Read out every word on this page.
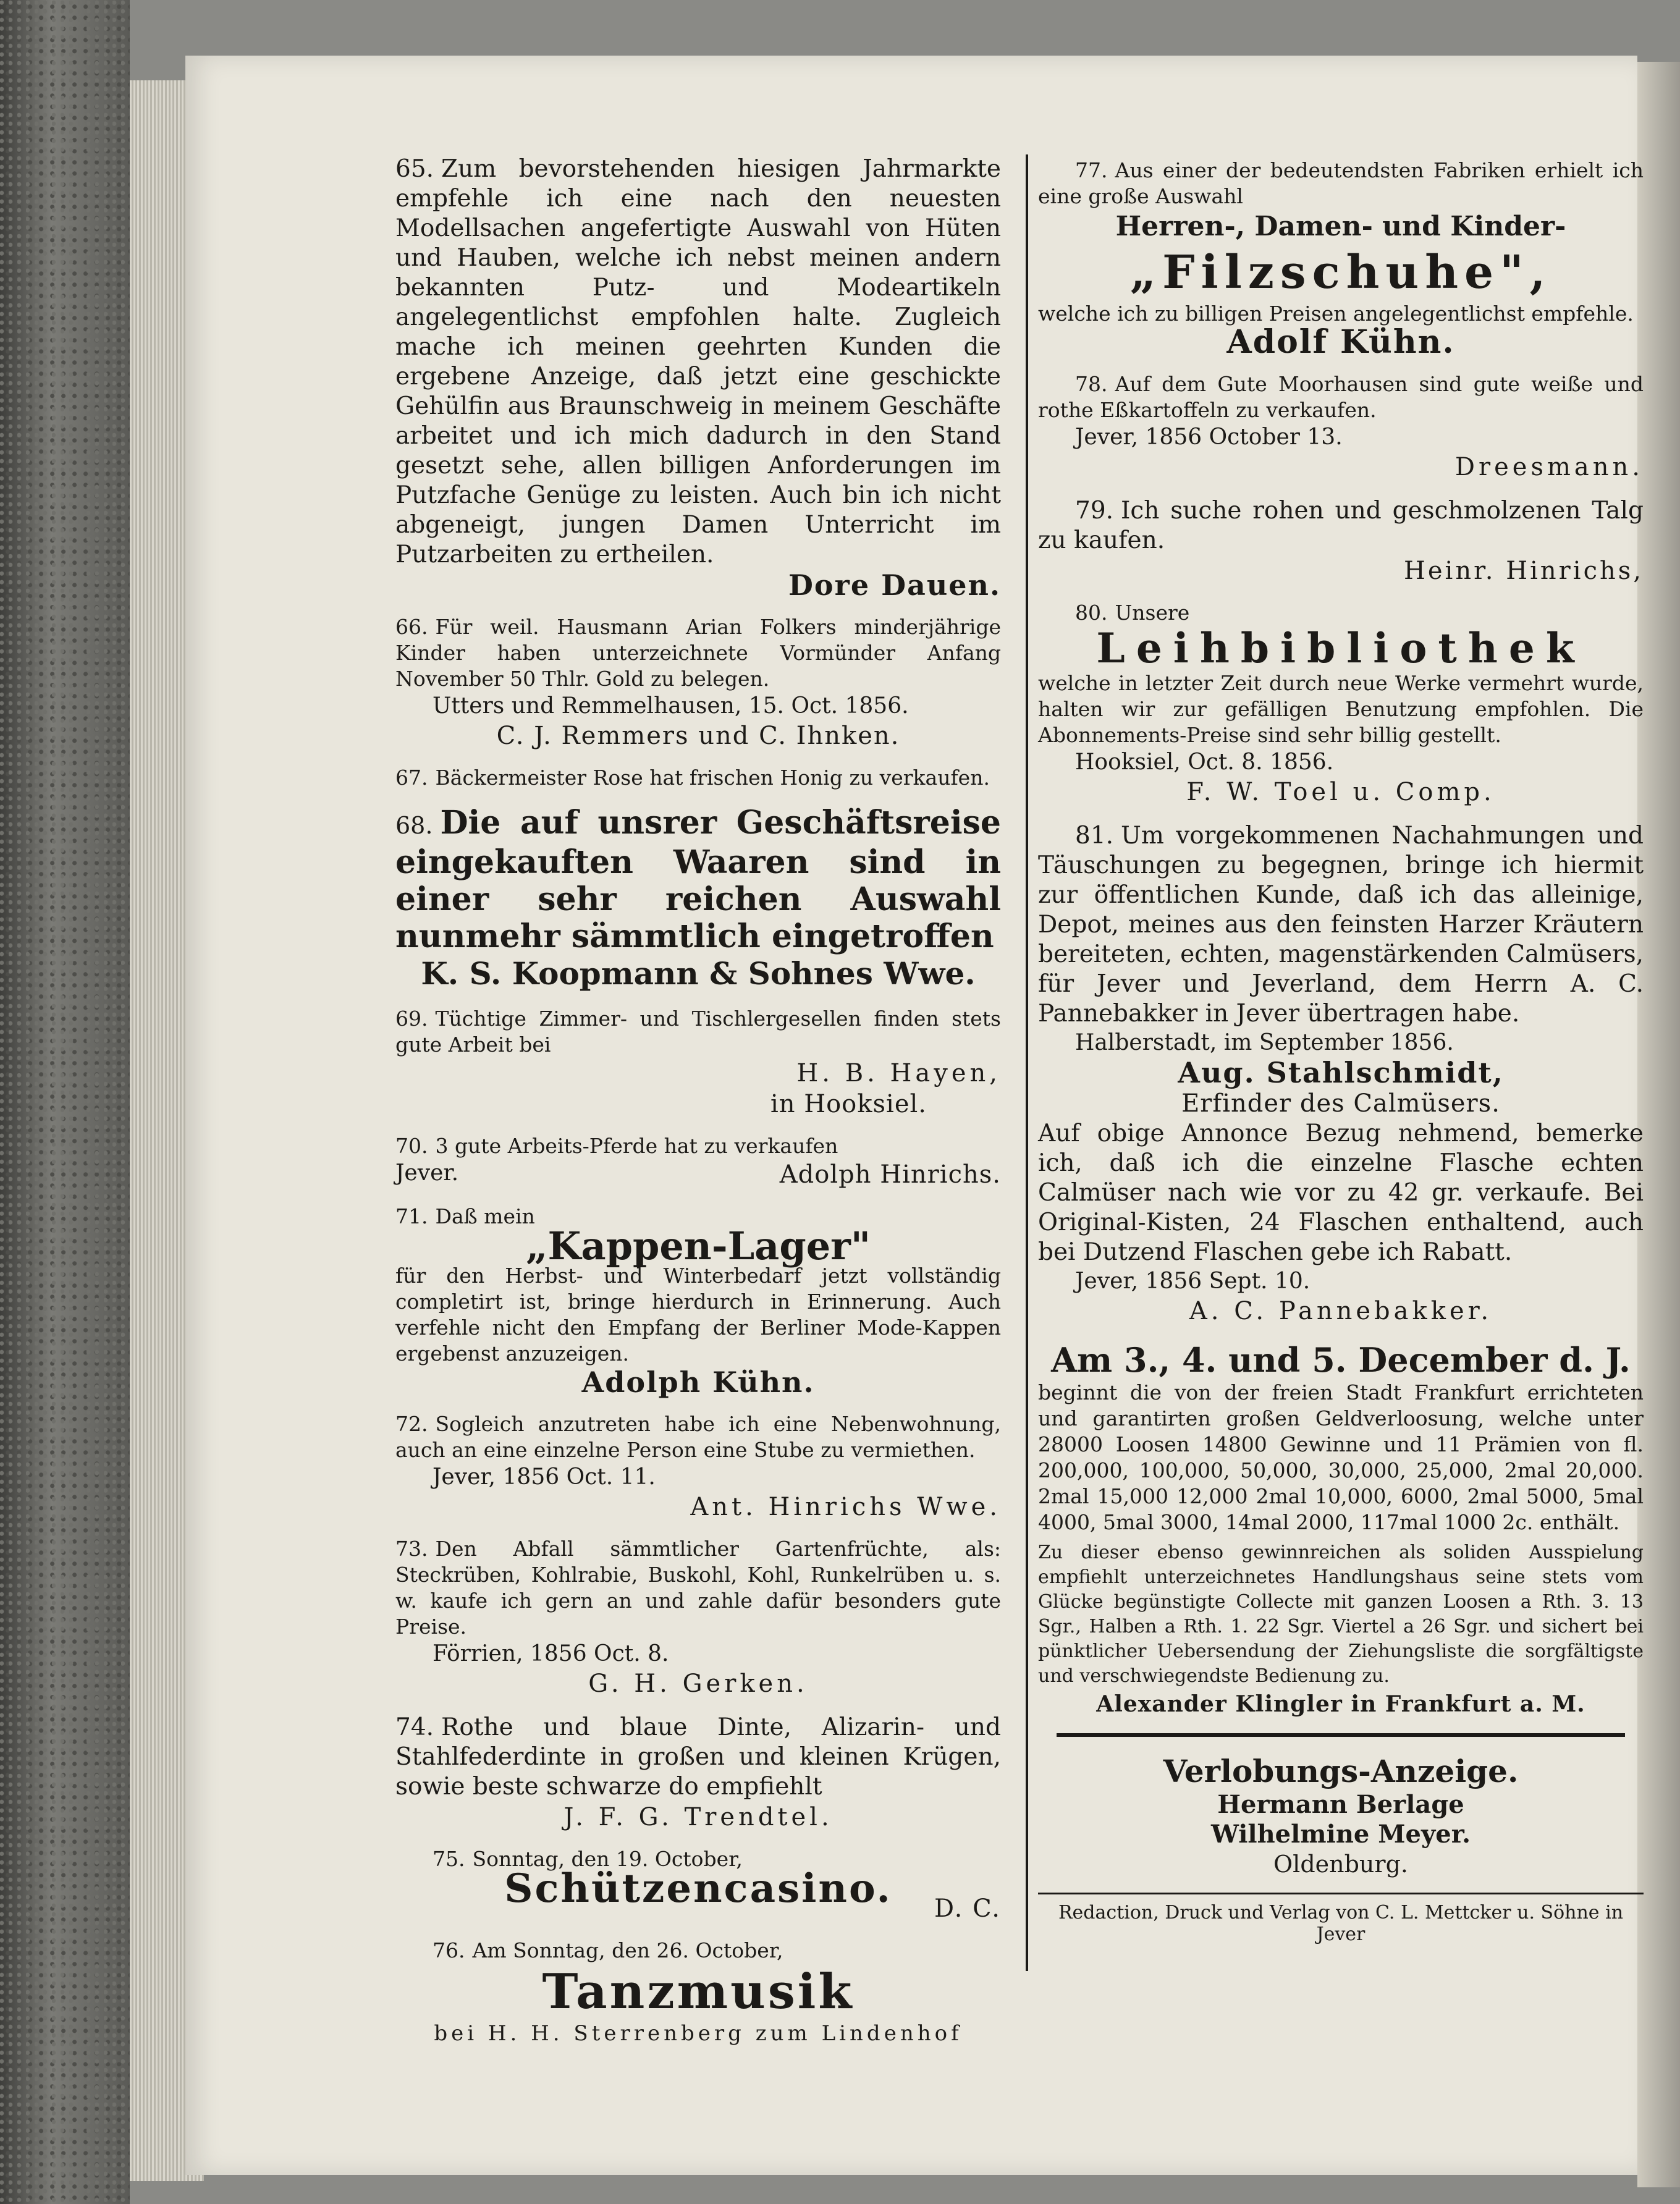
65. Zum bevorstehenden hiesigen Jahrmarkte empfehle ich eine nach den neuesten Modellsachen angefertigte Auswahl von Hüten und Hauben, welche ich nebst meinen andern bekannten Putz- und Modeartikeln angelegentlichst empfohlen halte. Zugleich mache ich meinen geehrten Kunden die ergebene Anzeige, daß jetzt eine geschickte Gehülfin aus Braunschweig in meinem Geschäfte arbeitet und ich mich dadurch in den Stand gesetzt sehe, allen billigen Anforderungen im Putzfache Genüge zu leisten. Auch bin ich nicht abgeneigt, jungen Damen Unterricht im Putzarbeiten zu ertheilen.
Dore Dauen.
66. Für weil. Hausmann Arian Folkers minderjährige Kinder haben unterzeichnete Vormünder Anfang November 50 Thlr. Gold zu belegen.
Utters und Remmelhausen, 15. Oct. 1856.
C. J. Remmers und C. Ihnken.
67. Bäckermeister Rose hat frischen Honig zu verkaufen.
68. Die auf unsrer Geschäftsreise eingekauften Waaren sind in einer sehr reichen Auswahl nunmehr sämmtlich eingetroffen
K. S. Koopmann & Sohnes Wwe.
69. Tüchtige Zimmer- und Tischlergesellen finden stets gute Arbeit bei
H. B. Hayen,
in Hooksiel.
70. 3 gute Arbeits-Pferde hat zu verkaufen
Jever.	Adolph Hinrichs.
71. Daß mein
„Kappen-Lager"
für den Herbst- und Winterbedarf jetzt vollständig completirt ist, bringe hierdurch in Erinnerung. Auch verfehle nicht den Empfang der Berliner Mode-Kappen ergebenst anzuzeigen.
Adolph Kühn.
72. Sogleich anzutreten habe ich eine Nebenwohnung, auch an eine einzelne Person eine Stube zu vermiethen.
Jever, 1856 Oct. 11.
Ant. Hinrichs Wwe.
73. Den Abfall sämmtlicher Gartenfrüchte, als: Steckrüben, Kohlrabie, Buskohl, Kohl, Runkelrüben u. s. w. kaufe ich gern an und zahle dafür besonders gute Preise.
Förrien, 1856 Oct. 8.
G. H. Gerken.
74. Rothe und blaue Dinte, Alizarin- und Stahlfederdinte in großen und kleinen Krügen, sowie beste schwarze do empfiehlt
J. F. G. Trendtel.
75. Sonntag, den 19. October,
Schützencasino.	D. C.
76. Am Sonntag, den 26. October,
Tanzmusik
bei H. H. Sterrenberg zum Lindenhof
77. Aus einer der bedeutendsten Fabriken erhielt ich eine große Auswahl
Herren-, Damen- und Kinder-
„Filzschuhe",
welche ich zu billigen Preisen angelegentlichst empfehle.
Adolf Kühn.
78. Auf dem Gute Moorhausen sind gute weiße und rothe Eßkartoffeln zu verkaufen.
Jever, 1856 October 13.
Dreesmann.
79. Ich suche rohen und geschmolzenen Talg zu kaufen.
Heinr. Hinrichs,
80. Unsere
Leihbibliothek
welche in letzter Zeit durch neue Werke vermehrt wurde, halten wir zur gefälligen Benutzung empfohlen. Die Abonnements-Preise sind sehr billig gestellt.
Hooksiel, Oct. 8. 1856.
F. W. Toel u. Comp.
81. Um vorgekommenen Nachahmungen und Täuschungen zu begegnen, bringe ich hiermit zur öffentlichen Kunde, daß ich das alleinige, Depot, meines aus den feinsten Harzer Kräutern bereiteten, echten, magenstärkenden Calmüsers, für Jever und Jeverland, dem Herrn A. C. Pannebakker in Jever übertragen habe.
Halberstadt, im September 1856.
Aug. Stahlschmidt,
Erfinder des Calmüsers.
Auf obige Annonce Bezug nehmend, bemerke ich, daß ich die einzelne Flasche echten Calmüser nach wie vor zu 42 gr. verkaufe. Bei Original-Kisten, 24 Flaschen enthaltend, auch bei Dutzend Flaschen gebe ich Rabatt.
Jever, 1856 Sept. 10.
A. C. Pannebakker.
Am 3., 4. und 5. December d. J.
beginnt die von der freien Stadt Frankfurt errichteten und garantirten großen Geldverloosung, welche unter 28000 Loosen 14800 Gewinne und 11 Prämien von fl. 200,000, 100,000, 50,000, 30,000, 25,000, 2mal 20,000. 2mal 15,000 12,000 2mal 10,000, 6000, 2mal 5000, 5mal 4000, 5mal 3000, 14mal 2000, 117mal 1000 2c. enthält.
Zu dieser ebenso gewinnreichen als soliden Ausspielung empfiehlt unterzeichnetes Handlungshaus seine stets vom Glücke begünstigte Collecte mit ganzen Loosen a Rth. 3. 13 Sgr., Halben a Rth. 1. 22 Sgr. Viertel a 26 Sgr. und sichert bei pünktlicher Uebersendung der Ziehungsliste die sorgfältigste und verschwiegendste Bedienung zu.
Alexander Klingler in Frankfurt a. M.
Verlobungs-Anzeige.
Hermann Berlage
Wilhelmine Meyer.
Oldenburg.
Redaction, Druck und Verlag von C. L. Mettcker u. Söhne in Jever
